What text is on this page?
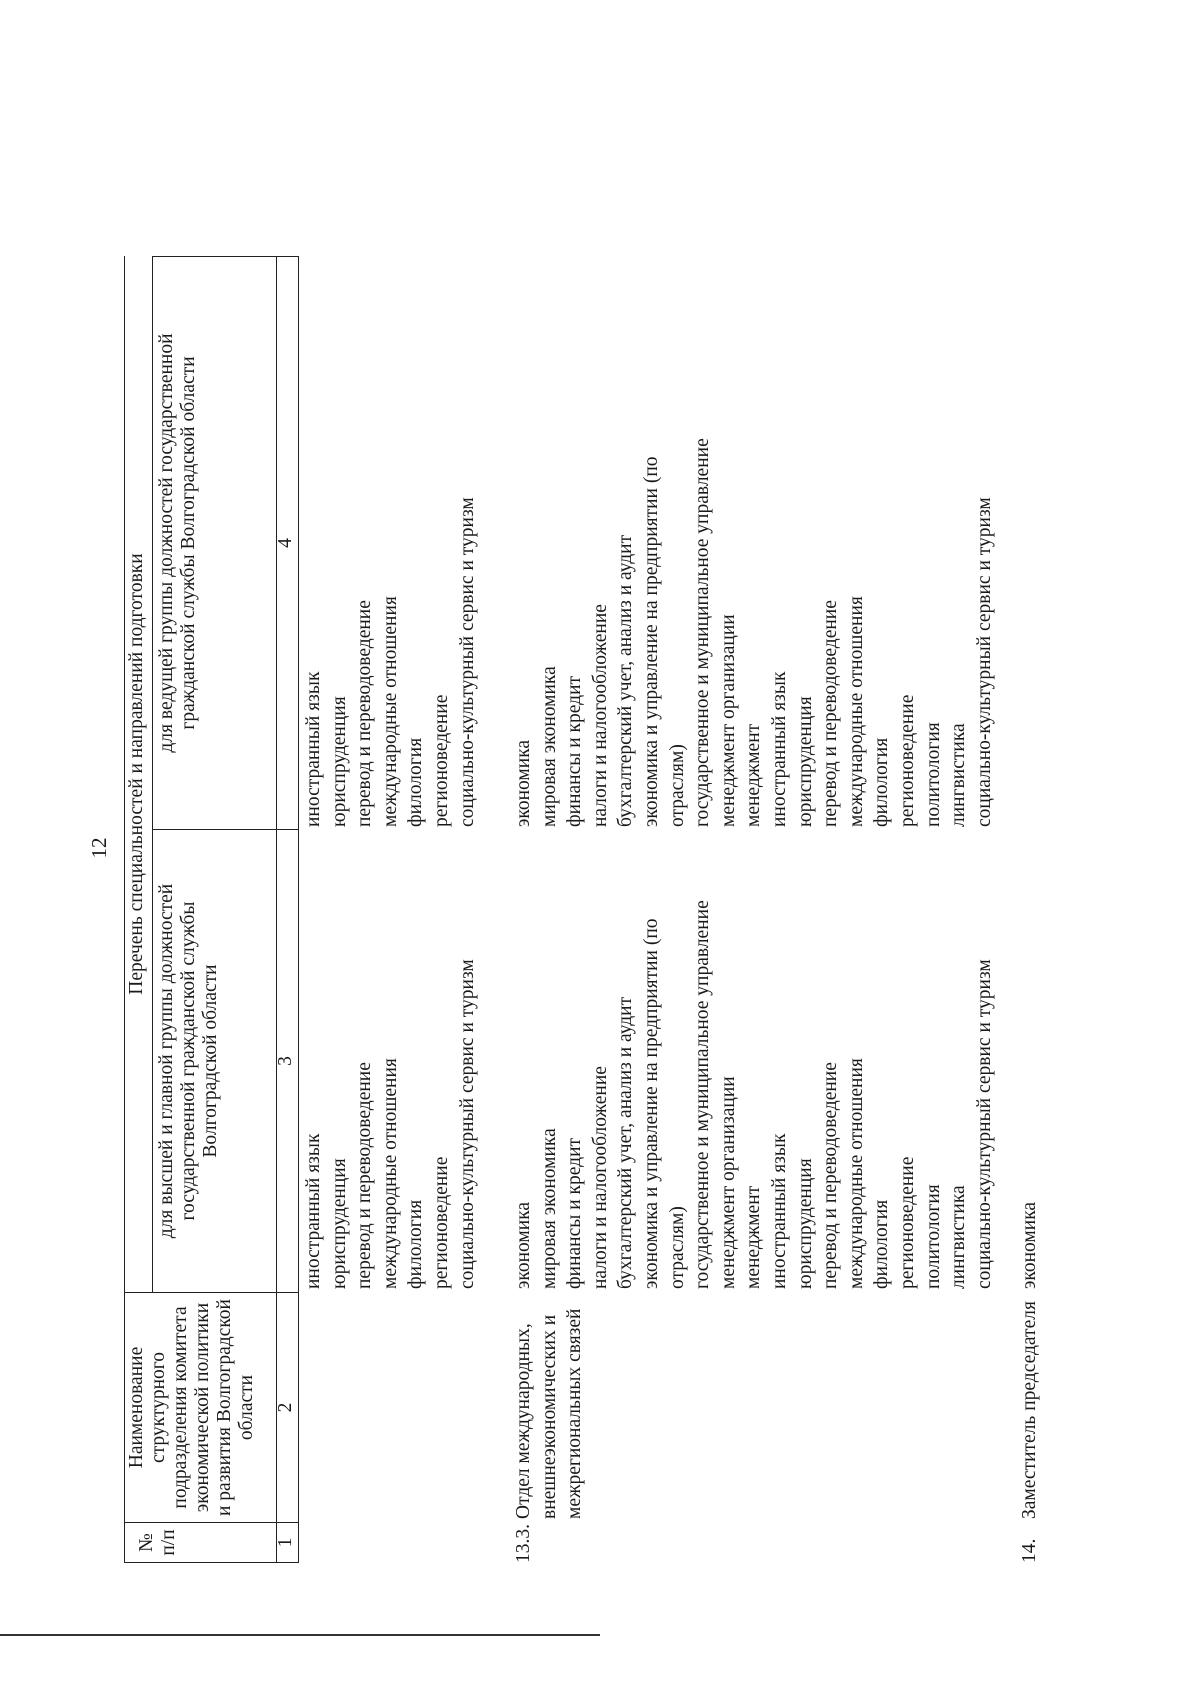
12
№ п/п
Наименование структурного подразделения комитета экономической политики и развития Волгоградской области
Перечень специальностей и направлений подготовки
для высшей и главной группы должностей государственной гражданской службы Волгоградской области
для ведущей группы должностей государственной гражданской службы Волгоградской области
1
2
3
4
иностранный язык юриспруденция перевод и переводоведение международные отношения филология регионоведение социально-культурный сервис и туризм
иностранный язык юриспруденция перевод и переводоведение международные отношения филология регионоведение социально-культурный сервис и туризм
13.3.
Отдел международных, внешнеэкономических и межрегиональных связей
экономика мировая экономика финансы и кредит налоги и налогообложение бухгалтерский учет, анализ и аудит экономика и управление на предприятии (по отраслям) государственное и муниципальное управление менеджмент организации менеджмент иностранный язык юриспруденция перевод и переводоведение международные отношения филология регионоведение политология лингвистика социально-культурный сервис и туризм
экономика мировая экономика финансы и кредит налоги и налогообложение бухгалтерский учет, анализ и аудит экономика и управление на предприятии (по отраслям) государственное и муниципальное управление менеджмент организации менеджмент иностранный язык юриспруденция перевод и переводоведение международные отношения филология регионоведение политология лингвистика социально-культурный сервис и туризм
14.
Заместитель председателя
экономика
